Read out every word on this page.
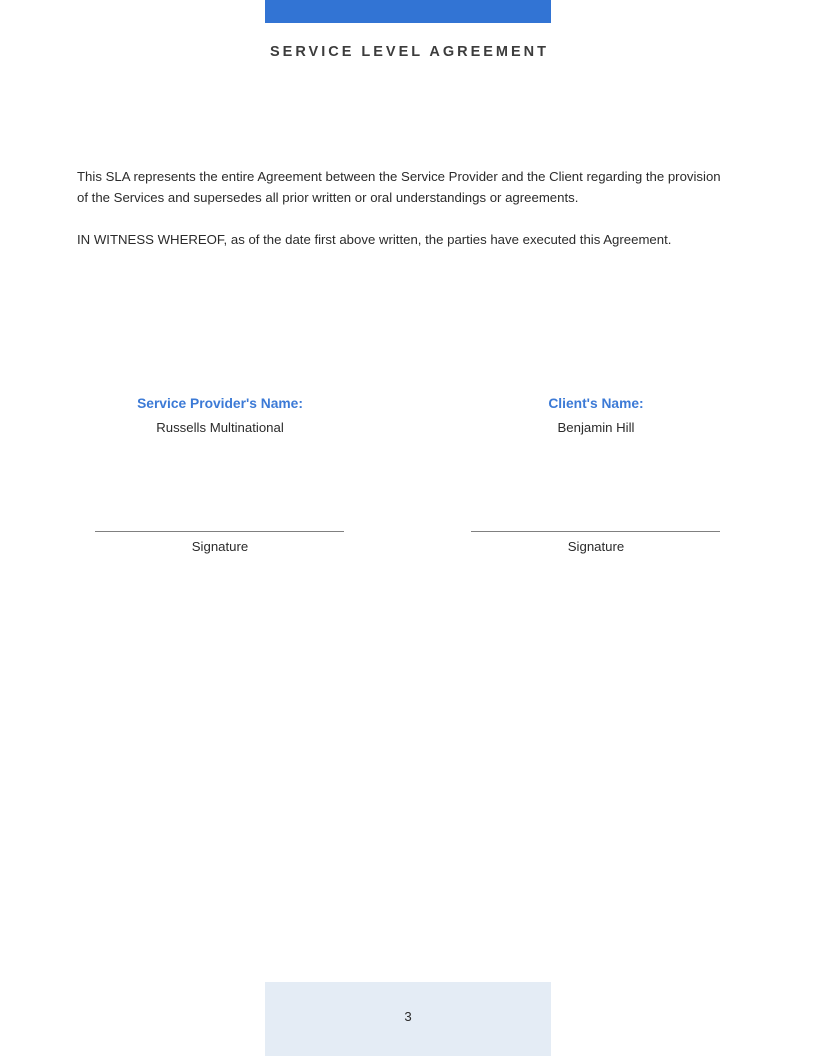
SERVICE LEVEL AGREEMENT

This SLA represents the entire Agreement between the Service Provider and the Client regarding the provision of the Services and supersedes all prior written or oral understandings or agreements.

IN WITNESS WHEREOF, as of the date first above written, the parties have executed this Agreement.

Service Provider's Name:

Russells Multinational

Client's Name:

Benjamin Hill

Signature	Signature
3
